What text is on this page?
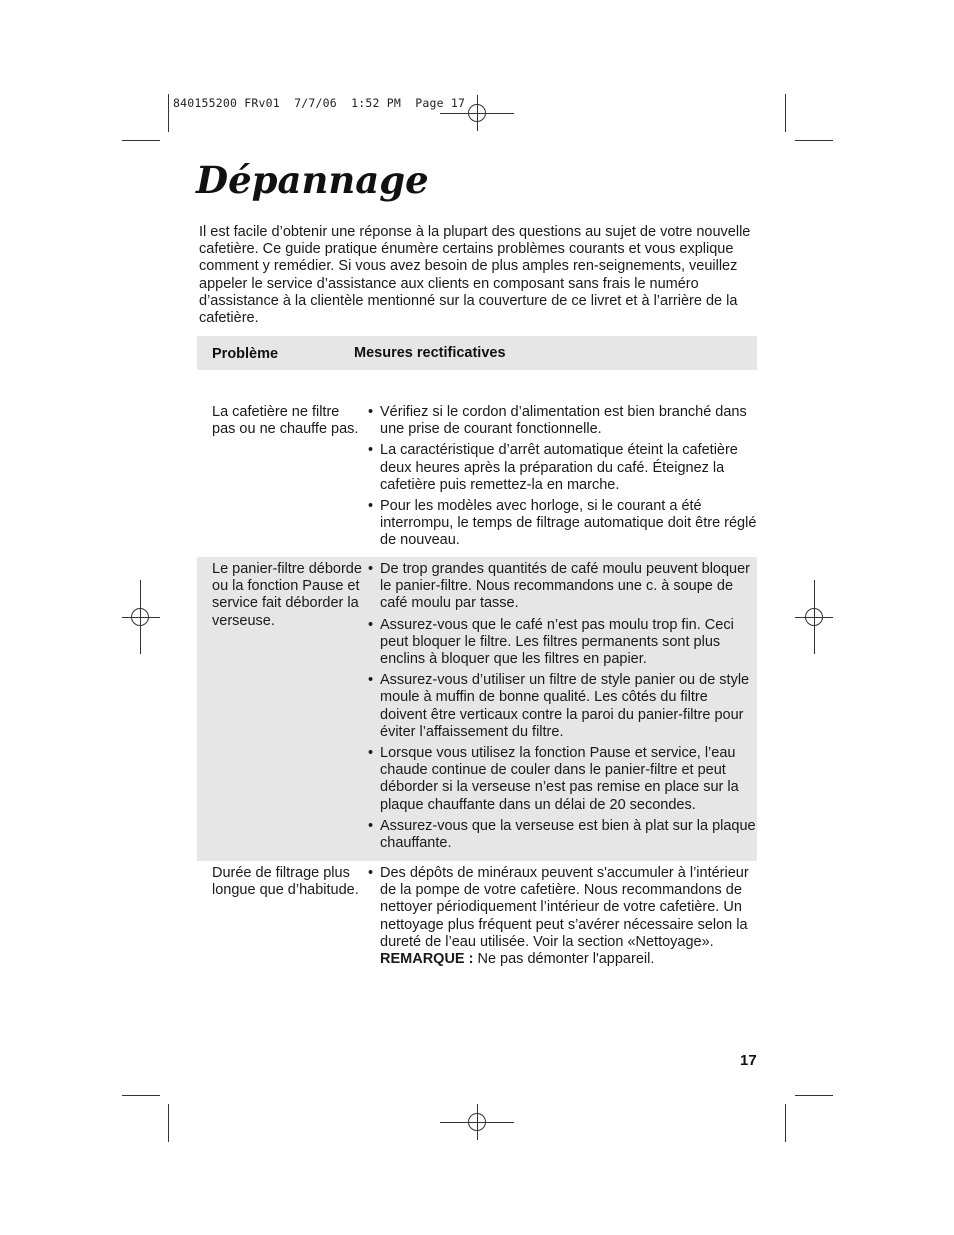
840155200 FRv01  7/7/06  1:52 PM  Page 17
Dépannage

Il est facile d’obtenir une réponse à la plupart des questions au sujet de votre nouvelle cafetière. Ce guide pratique énumère certains problèmes courants et vous explique comment y remédier. Si vous avez besoin de plus amples ren-seignements, veuillez appeler le service d’assistance aux clients en composant sans frais le numéro d’assistance à la clientèle mentionné sur la couverture de ce livret et à l’arrière de la cafetière.

Problème	Mesures rectificatives
La cafetière ne filtre pas ou ne chauffe pas.
• Vérifiez si le cordon d’alimentation est bien branché dans une prise de courant fonctionnelle.
• La caractéristique d’arrêt automatique éteint la cafetière deux heures après la préparation du café. Éteignez la cafetière puis remettez-la en marche.
• Pour les modèles avec horloge, si le courant a été interrompu, le temps de filtrage automatique doit être réglé de nouveau.
Le panier-filtre déborde ou la fonction Pause et service fait déborder la verseuse.
• De trop grandes quantités de café moulu peuvent bloquer le panier-filtre. Nous recommandons une c. à soupe de café moulu par tasse.
• Assurez-vous que le café n’est pas moulu trop fin. Ceci peut bloquer le filtre. Les filtres permanents sont plus enclins à bloquer que les filtres en papier.
• Assurez-vous d’utiliser un filtre de style panier ou de style moule à muffin de bonne qualité. Les côtés du filtre doivent être verticaux contre la paroi du panier-filtre pour éviter l’affaissement du filtre.
• Lorsque vous utilisez la fonction Pause et service, l’eau chaude continue de couler dans le panier-filtre et peut déborder si la verseuse n’est pas remise en place sur la plaque chauffante dans un délai de 20 secondes.
• Assurez-vous que la verseuse est bien à plat sur la plaque chauffante.
Durée de filtrage plus longue que d’habitude.
• Des dépôts de minéraux peuvent s'accumuler à l’intérieur de la pompe de votre cafetière. Nous recommandons de nettoyer périodiquement l’intérieur de votre cafetière. Un nettoyage plus fréquent peut s’avérer nécessaire selon la dureté de l’eau utilisée. Voir la section «Nettoyage».
REMARQUE : Ne pas démonter l'appareil.
17
